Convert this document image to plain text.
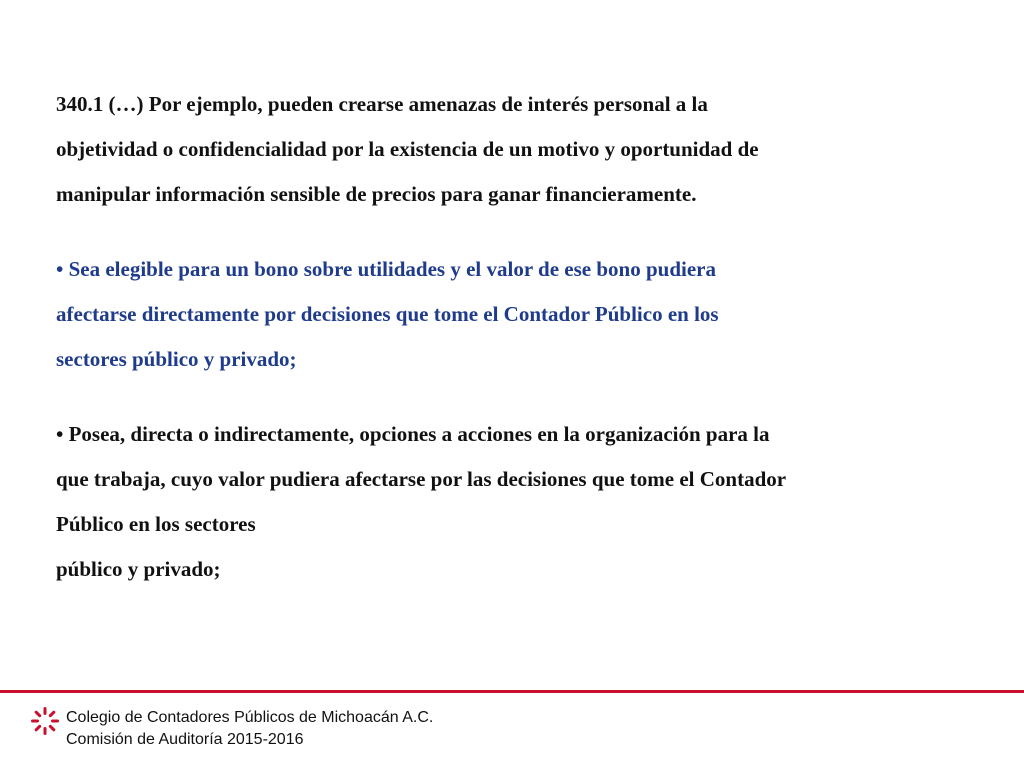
340.1 (…) Por ejemplo, pueden crearse amenazas de interés personal a la
objetividad o confidencialidad por la existencia de un motivo y oportunidad de
manipular información sensible de precios para ganar financieramente.

• Sea elegible para un bono sobre utilidades y el valor de ese bono pudiera
afectarse directamente por decisiones que tome el Contador Público en los
sectores público y privado;

• Posea, directa o indirectamente, opciones a acciones en la organización para la
que trabaja, cuyo valor pudiera afectarse por las decisiones que tome el Contador
Público en los sectores
público y privado;

Colegio de Contadores Públicos de Michoacán A.C.
Comisión de Auditoría 2015-2016
